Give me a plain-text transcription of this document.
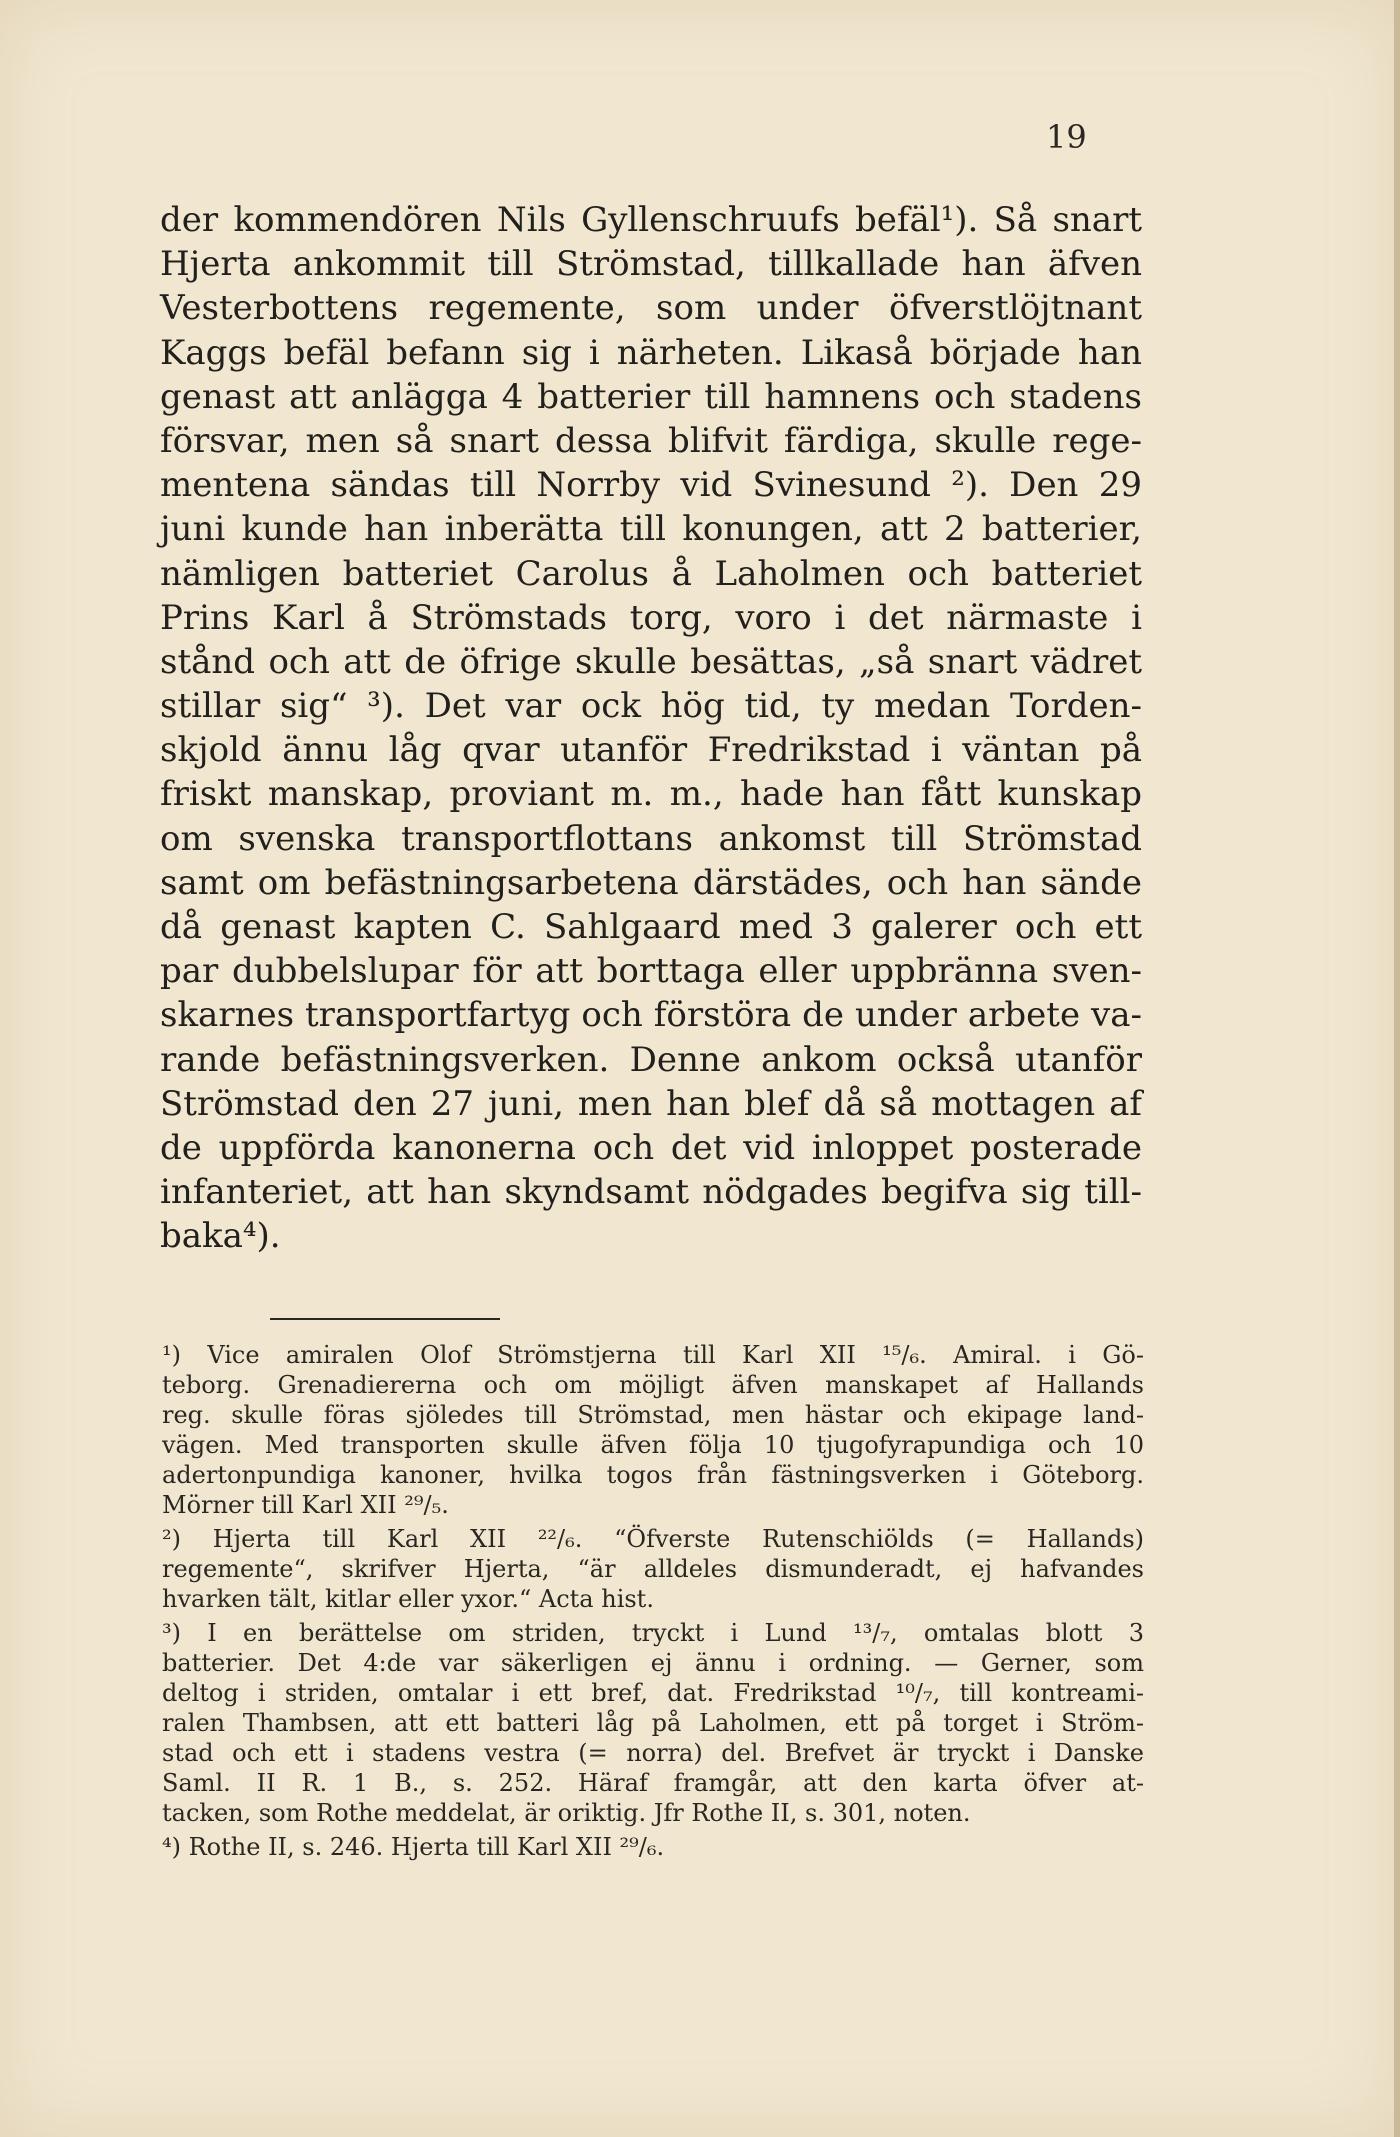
19
der kommendören Nils Gyllenschruufs befäl¹). Så snart
Hjerta ankommit till Strömstad, tillkallade han äfven
Vesterbottens regemente, som under öfverstlöjtnant
Kaggs befäl befann sig i närheten. Likaså började han
genast att anlägga 4 batterier till hamnens och stadens
försvar, men så snart dessa blifvit färdiga, skulle rege-
mentena sändas till Norrby vid Svinesund ²). Den 29
juni kunde han inberätta till konungen, att 2 batterier,
nämligen batteriet Carolus å Laholmen och batteriet
Prins Karl å Strömstads torg, voro i det närmaste i
stånd och att de öfrige skulle besättas, „så snart vädret
stillar sig“ ³). Det var ock hög tid, ty medan Torden-
skjold ännu låg qvar utanför Fredrikstad i väntan på
friskt manskap, proviant m. m., hade han fått kunskap
om svenska transportflottans ankomst till Strömstad
samt om befästningsarbetena därstädes, och han sände
då genast kapten C. Sahlgaard med 3 galerer och ett
par dubbelslupar för att borttaga eller uppbränna sven-
skarnes transportfartyg och förstöra de under arbete va-
rande befästningsverken. Denne ankom också utanför
Strömstad den 27 juni, men han blef då så mottagen af
de uppförda kanonerna och det vid inloppet posterade
infanteriet, att han skyndsamt nödgades begifva sig till-
baka⁴).
¹) Vice amiralen Olof Strömstjerna till Karl XII ¹⁵/₆. Amiral. i Gö-
teborg. Grenadiererna och om möjligt äfven manskapet af Hallands
reg. skulle föras sjöledes till Strömstad, men hästar och ekipage land-
vägen. Med transporten skulle äfven följa 10 tjugofyrapundiga och 10
adertonpundiga kanoner, hvilka togos från fästningsverken i Göteborg.
Mörner till Karl XII ²⁹/₅.
²) Hjerta till Karl XII ²²/₆. “Öfverste Rutenschiölds (= Hallands)
regemente“, skrifver Hjerta, “är alldeles dismunderadt, ej hafvandes
hvarken tält, kitlar eller yxor.“ Acta hist.
³) I en berättelse om striden, tryckt i Lund ¹³/₇, omtalas blott 3
batterier. Det 4:de var säkerligen ej ännu i ordning. — Gerner, som
deltog i striden, omtalar i ett bref, dat. Fredrikstad ¹⁰/₇, till kontreami-
ralen Thambsen, att ett batteri låg på Laholmen, ett på torget i Ström-
stad och ett i stadens vestra (= norra) del. Brefvet är tryckt i Danske
Saml. II R. 1 B., s. 252. Häraf framgår, att den karta öfver at-
tacken, som Rothe meddelat, är oriktig. Jfr Rothe II, s. 301, noten.
⁴) Rothe II, s. 246. Hjerta till Karl XII ²⁹/₆.
